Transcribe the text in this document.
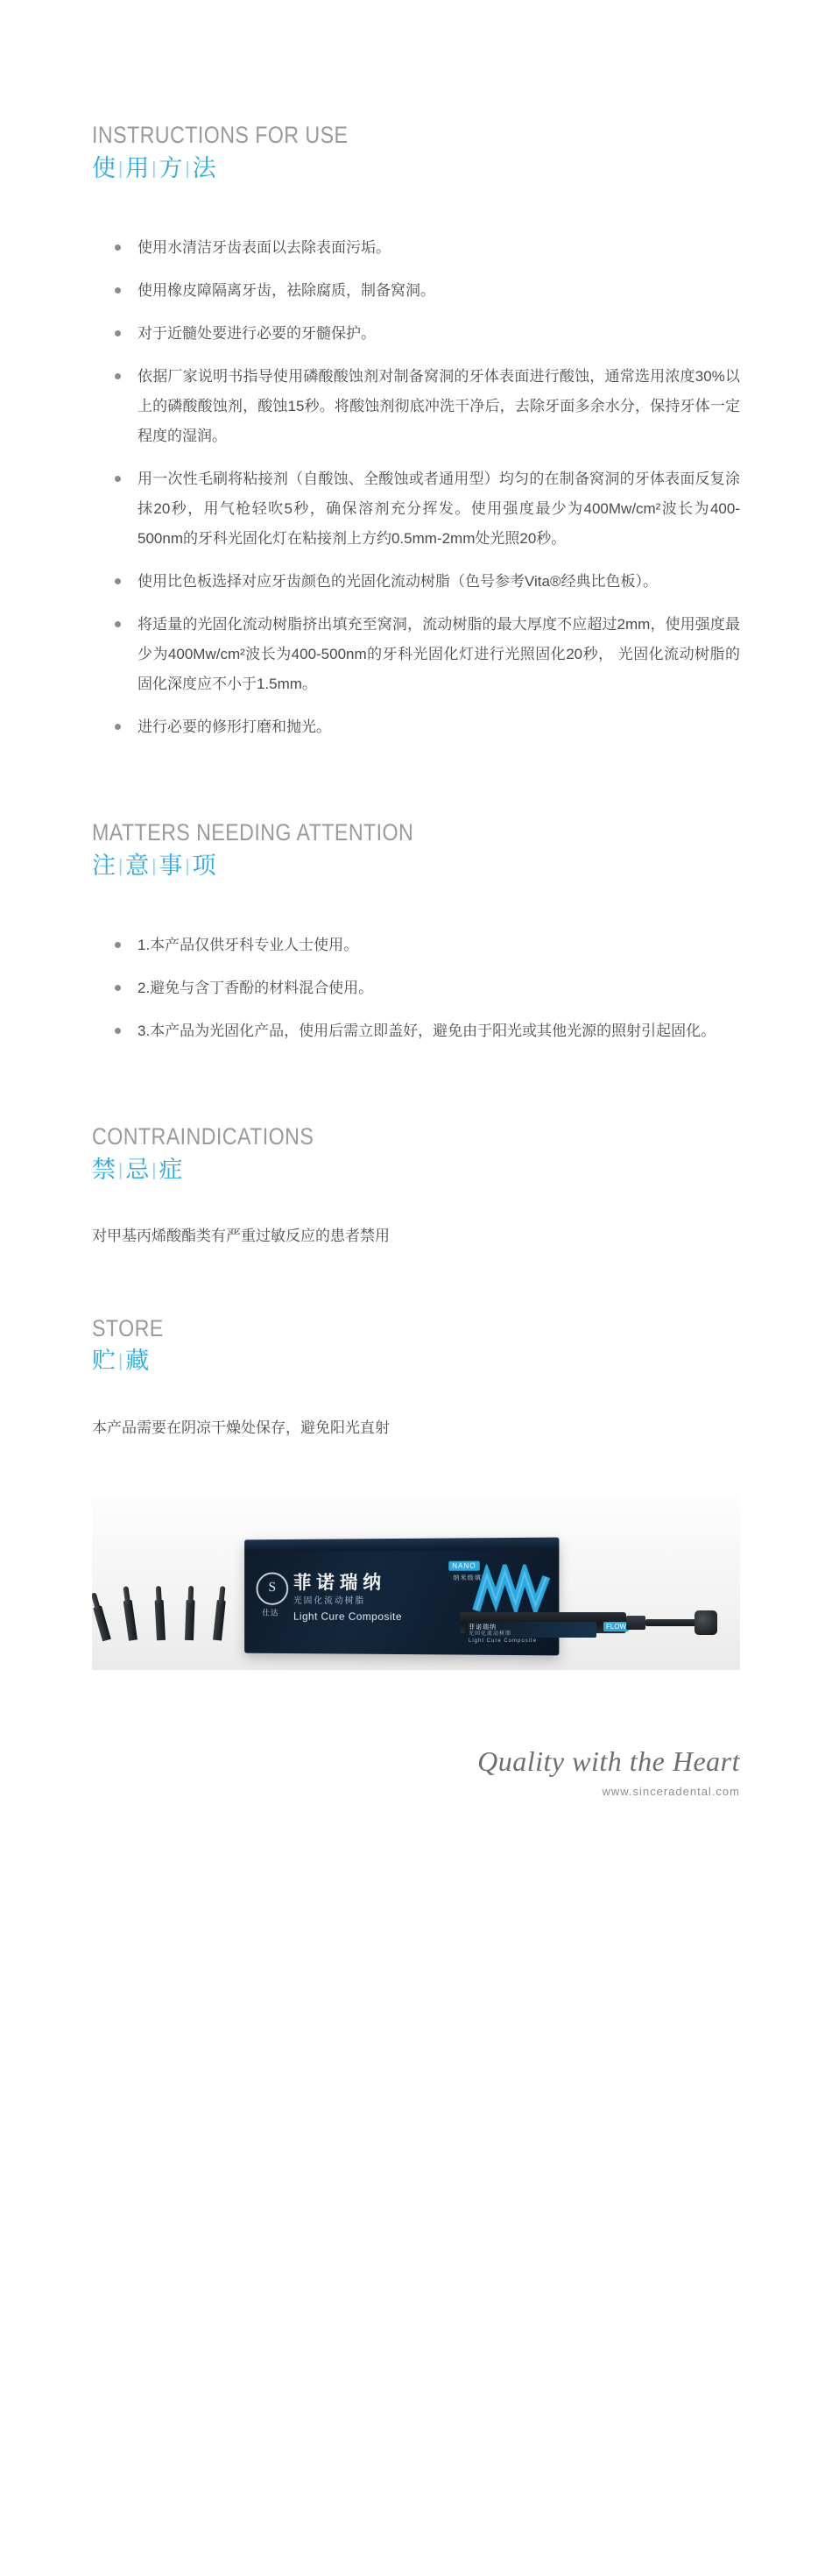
INSTRUCTIONS FOR USE
使 |用 |方 |法
使用水清洁牙齿表面以去除表面污垢。
使用橡皮障隔离牙齿，祛除腐质，制备窝洞。
对于近髓处要进行必要的牙髓保护。
依据厂家说明书指导使用磷酸酸蚀剂对制备窝洞的牙体表面进行酸蚀，通常选用浓度30%以上的磷酸酸蚀剂，酸蚀15秒。将酸蚀剂彻底冲洗干净后，去除牙面多余水分，保持牙体一定程度的湿润。
用一次性毛刷将粘接剂（自酸蚀、全酸蚀或者通用型）均匀的在制备窝洞的牙体表面反复涂抹20秒，用气枪轻吹5秒，确保溶剂充分挥发。使用强度最少为400Mw/cm²波长为400-500nm的牙科光固化灯在粘接剂上方约0.5mm-2mm处光照20秒。
使用比色板选择对应牙齿颜色的光固化流动树脂（色号参考Vita®经典比色板）。
将适量的光固化流动树脂挤出填充至窝洞，流动树脂的最大厚度不应超过2mm，使用强度最少为400Mw/cm²波长为400-500nm的牙科光固化灯进行光照固化20秒， 光固化流动树脂的固化深度应不小于1.5mm。
进行必要的修形打磨和抛光。
MATTERS NEEDING ATTENTION
注 |意 |事 |项
1.本产品仅供牙科专业人士使用。
2.避免与含丁香酚的材料混合使用。
3.本产品为光固化产品，使用后需立即盖好，避免由于阳光或其他光源的照射引起固化。
CONTRAINDICATIONS
禁 |忌 |症

对甲基丙烯酸酯类有严重过敏反应的患者禁用

STORE
贮 |藏

本产品需要在阴凉干燥处保存，避免阳光直射

S
仕达
菲诺瑞纳
光固化流动树脂
Light Cure Composite
NANO
纳米级填料
菲诺瑞纳
光固化流动树脂
Light Cure Composite
FLOW
Quality with the Heart
www.sinceradental.com
